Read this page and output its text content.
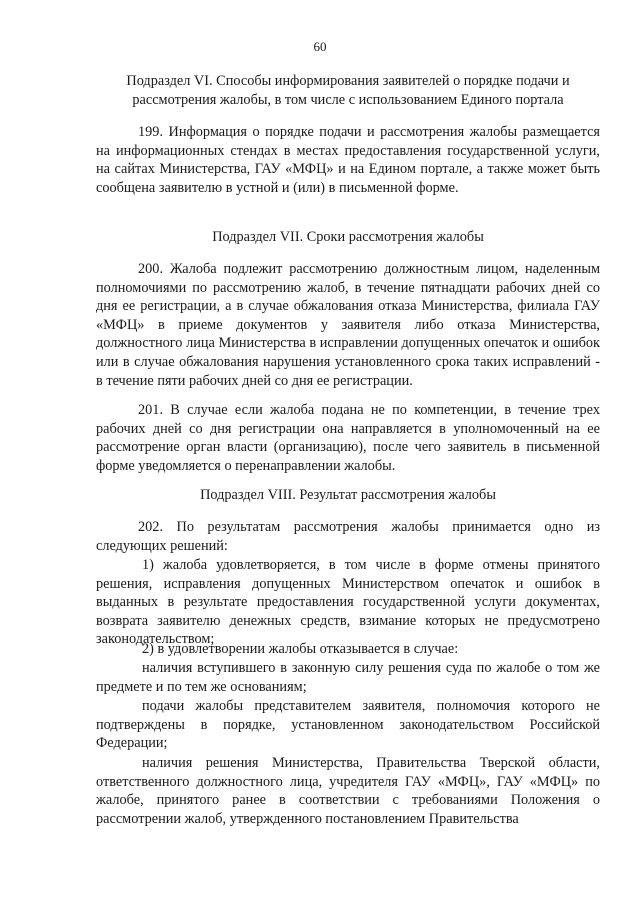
60
Подраздел VI. Способы информирования заявителей о порядке подачи и
рассмотрения жалобы, в том числе с использованием Единого портала
199. Информация о порядке подачи и рассмотрения жалобы размещается на информационных стендах в местах предоставления государственной услуги, на сайтах Министерства, ГАУ «МФЦ» и на Едином портале, а также может быть сообщена заявителю в устной и (или) в письменной форме.
Подраздел VII. Сроки рассмотрения жалобы
200. Жалоба подлежит рассмотрению должностным лицом, наделенным полномочиями по рассмотрению жалоб, в течение пятнадцати рабочих дней со дня ее регистрации, а в случае обжалования отказа Министерства, филиала ГАУ «МФЦ» в приеме документов у заявителя либо отказа Министерства, должностного лица Министерства в исправлении допущенных опечаток и ошибок или в случае обжалования нарушения установленного срока таких исправлений - в течение пяти рабочих дней со дня ее регистрации.
201. В случае если жалоба подана не по компетенции, в течение трех рабочих дней со дня регистрации она направляется в уполномоченный на ее рассмотрение орган власти (организацию), после чего заявитель в письменной форме уведомляется о перенаправлении жалобы.
Подраздел VIII. Результат рассмотрения жалобы
202. По результатам рассмотрения жалобы принимается одно из следующих решений:
1) жалоба удовлетворяется, в том числе в форме отмены принятого решения, исправления допущенных Министерством опечаток и ошибок в выданных в результате предоставления государственной услуги документах, возврата заявителю денежных средств, взимание которых не предусмотрено законодательством;
2) в удовлетворении жалобы отказывается в случае:
наличия вступившего в законную силу решения суда по жалобе о том же предмете и по тем же основаниям;
подачи жалобы представителем заявителя, полномочия которого не подтверждены в порядке, установленном законодательством Российской Федерации;
наличия решения Министерства, Правительства Тверской области, ответственного должностного лица, учредителя ГАУ «МФЦ», ГАУ «МФЦ» по жалобе, принятого ранее в соответствии с требованиями Положения о рассмотрении жалоб, утвержденного постановлением Правительства
